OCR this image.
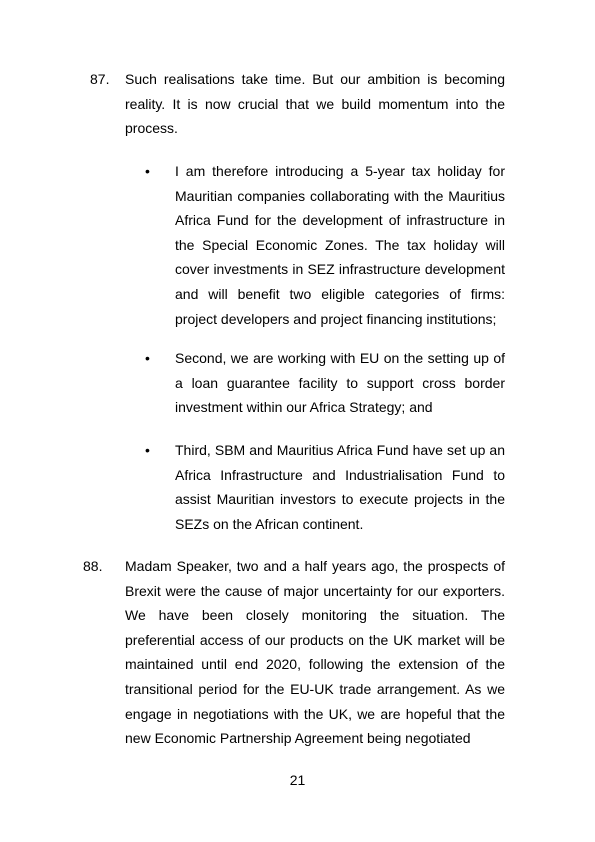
87. Such realisations take time. But our ambition is becoming reality. It is now crucial that we build momentum into the process.

• I am therefore introducing a 5-year tax holiday for Mauritian companies collaborating with the Mauritius Africa Fund for the development of infrastructure in the Special Economic Zones. The tax holiday will cover investments in SEZ infrastructure development and will benefit two eligible categories of firms: project developers and project financing institutions;

• Second, we are working with EU on the setting up of a loan guarantee facility to support cross border investment within our Africa Strategy; and

• Third, SBM and Mauritius Africa Fund have set up an Africa Infrastructure and Industrialisation Fund to assist Mauritian investors to execute projects in the SEZs on the African continent.

88. Madam Speaker, two and a half years ago, the prospects of Brexit were the cause of major uncertainty for our exporters. We have been closely monitoring the situation. The preferential access of our products on the UK market will be maintained until end 2020, following the extension of the transitional period for the EU-UK trade arrangement. As we engage in negotiations with the UK, we are hopeful that the new Economic Partnership Agreement being negotiated

21
